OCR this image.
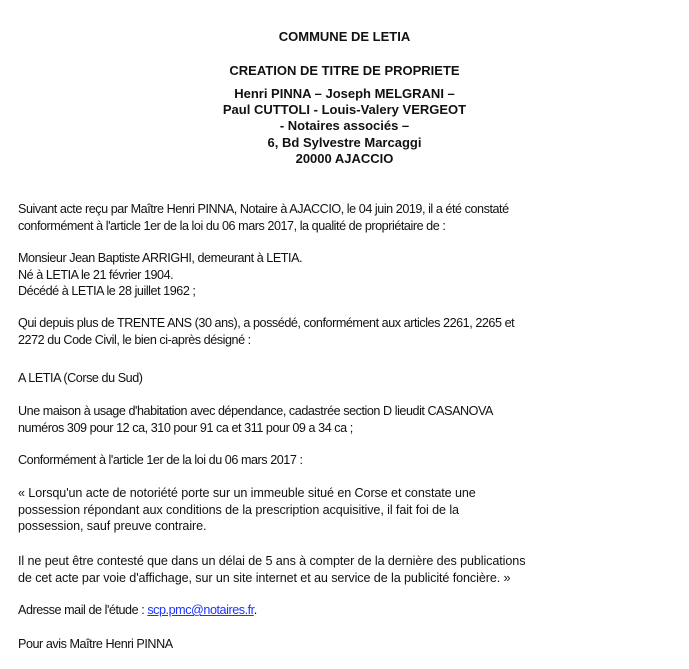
COMMUNE DE LETIA
CREATION DE TITRE DE PROPRIETE
Henri PINNA – Joseph MELGRANI –
Paul CUTTOLI - Louis-Valery VERGEOT
- Notaires associés –
6, Bd Sylvestre Marcaggi
20000 AJACCIO
Suivant acte reçu par Maître Henri PINNA, Notaire à AJACCIO, le 04 juin 2019, il a été constaté
conformément à l'article 1er de la loi du 06 mars 2017, la qualité de propriétaire de :
Monsieur Jean Baptiste ARRIGHI, demeurant à LETIA.
Né à LETIA le 21 février 1904.
Décédé à LETIA le 28 juillet 1962 ;
Qui depuis plus de TRENTE ANS (30 ans), a possédé, conformément aux articles 2261, 2265 et
2272 du Code Civil, le bien ci-après désigné :
A LETIA (Corse du Sud)
Une maison à usage d'habitation avec dépendance, cadastrée section D lieudit CASANOVA
numéros 309 pour 12 ca, 310 pour 91 ca et 311 pour 09 a 34 ca ;
Conformément à l'article 1er de la loi du 06 mars 2017 :
« Lorsqu'un acte de notoriété porte sur un immeuble situé en Corse et constate une
possession répondant aux conditions de la prescription acquisitive, il fait foi de la
possession, sauf preuve contraire.
Il ne peut être contesté que dans un délai de 5 ans à compter de la dernière des publications
de cet acte par voie d'affichage, sur un site internet et au service de la publicité foncière. »
Adresse mail de l'étude : scp.pmc@notaires.fr.
Pour avis Maître Henri PINNA
